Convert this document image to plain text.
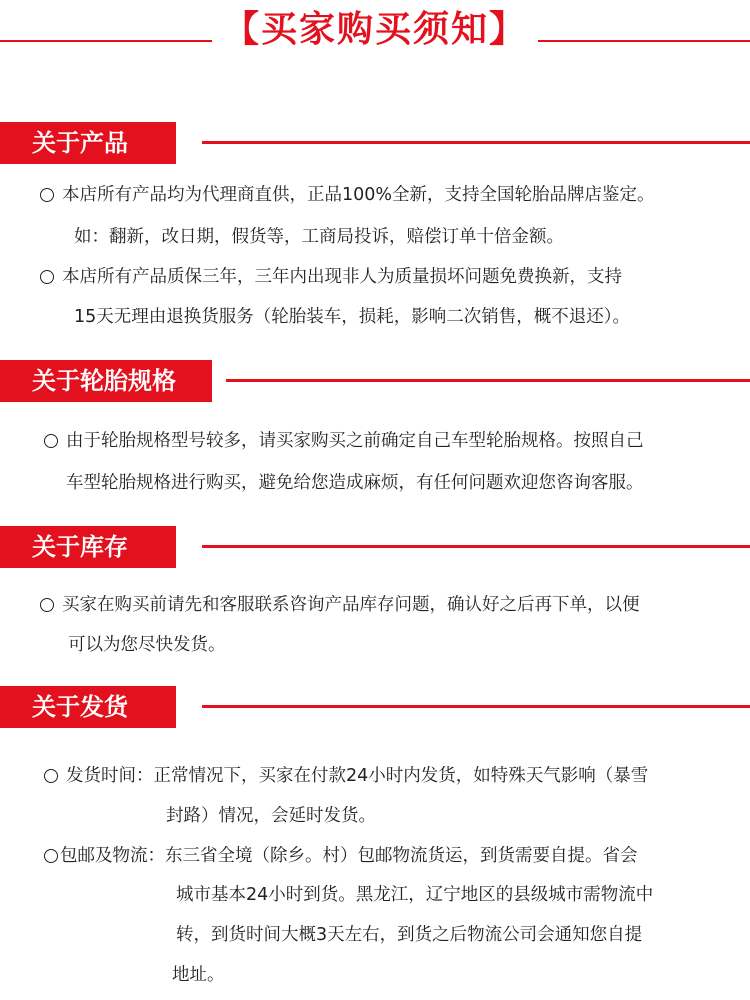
【买家购买须知】
关于产品
本店所有产品均为代理商直供，正品100%全新，支持全国轮胎品牌店鉴定。
如：翻新，改日期，假货等，工商局投诉，赔偿订单十倍金额。
本店所有产品质保三年，三年内出现非人为质量损坏问题免费换新，支持
15天无理由退换货服务（轮胎装车，损耗，影响二次销售，概不退还）。
关于轮胎规格
由于轮胎规格型号较多，请买家购买之前确定自己车型轮胎规格。按照自己
车型轮胎规格进行购买，避免给您造成麻烦，有任何问题欢迎您咨询客服。
关于库存
买家在购买前请先和客服联系咨询产品库存问题，确认好之后再下单，以便
可以为您尽快发货。
关于发货
发货时间：正常情况下，买家在付款24小时内发货，如特殊天气影响（暴雪
封路）情况，会延时发货。
包邮及物流：东三省全境（除乡。村）包邮物流货运，到货需要自提。省会
城市基本24小时到货。黑龙江，辽宁地区的县级城市需物流中
转，到货时间大概3天左右，到货之后物流公司会通知您自提
地址。
